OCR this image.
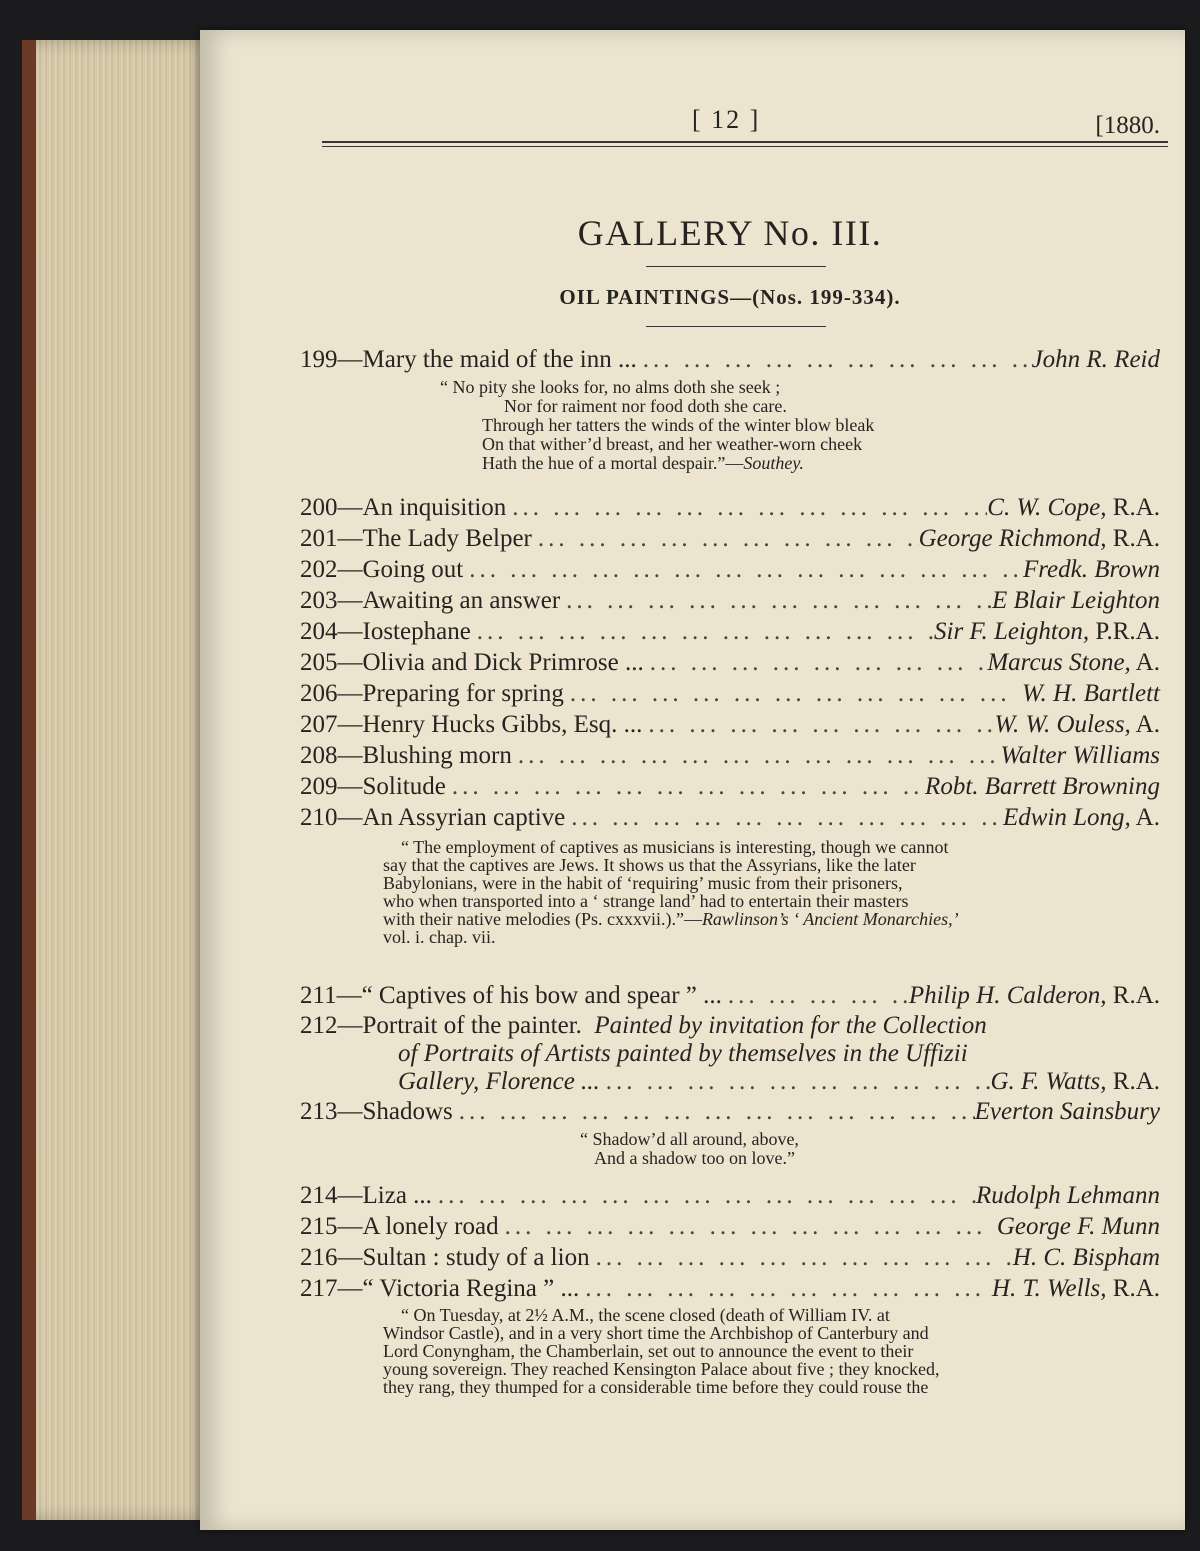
[ 12 ]	[1880.
GALLERY No. III.
OIL PAINTINGS—(Nos. 199-334).
199— Mary the maid of the inn ... ... .	John R. Reid
“ No pity she looks for, no alms doth she seek ;
Nor for raiment nor food doth she care.
Through her tatters the winds of the winter blow bleak
On that wither’d breast, and her weather-worn cheek
Hath the hue of a mortal despair.”—Southey.
200— An inquisition ... .	C. W. Cope, R.A.
201— The Lady Belper ... .	George Richmond, R.A.
202— Going out ... .	Fredk. Brown
203— Awaiting an answer ... .	E Blair Leighton
204— Iostephane ... .	Sir F. Leighton, P.R.A.
205— Olivia and Dick Primrose ... ... .	Marcus Stone, A.
206— Preparing for spring ... .	W. H. Bartlett
207— Henry Hucks Gibbs, Esq. ... ... .	W. W. Ouless, A.
208— Blushing morn ... .	Walter Williams
209— Solitude ... .	Robt. Barrett Browning
210— An Assyrian captive ... .	Edwin Long, A.
“ The employment of captives as musicians is interesting, though we cannot
say that the captives are Jews. It shows us that the Assyrians, like the later
Babylonians, were in the habit of ‘requiring’ music from their prisoners,
who when transported into a ‘ strange land’ had to entertain their masters
with their native melodies (Ps. cxxxvii.).”—Rawlinson’s ‘ Ancient Monarchies,’
vol. i. chap. vii.
211— “ Captives of his bow and spear ” ... ... .	Philip H. Calderon, R.A.
212—Portrait of the painter. Painted by invitation for the Collection
of Portraits of Artists painted by themselves in the Uffizii
Gallery, Florence ... ... .	G. F. Watts, R.A.
213— Shadows ... .	Everton Sainsbury
“ Shadow’d all around, above,
And a shadow too on love.”
214— Liza ... ... .	Rudolph Lehmann
215— A lonely road ... .	George F. Munn
216— Sultan : study of a lion ... .	H. C. Bispham
217— “ Victoria Regina ” ... ... .	H. T. Wells, R.A.
“ On Tuesday, at 2½ A.M., the scene closed (death of William IV. at
Windsor Castle), and in a very short time the Archbishop of Canterbury and
Lord Conyngham, the Chamberlain, set out to announce the event to their
young sovereign. They reached Kensington Palace about five ; they knocked,
they rang, they thumped for a considerable time before they could rouse the
